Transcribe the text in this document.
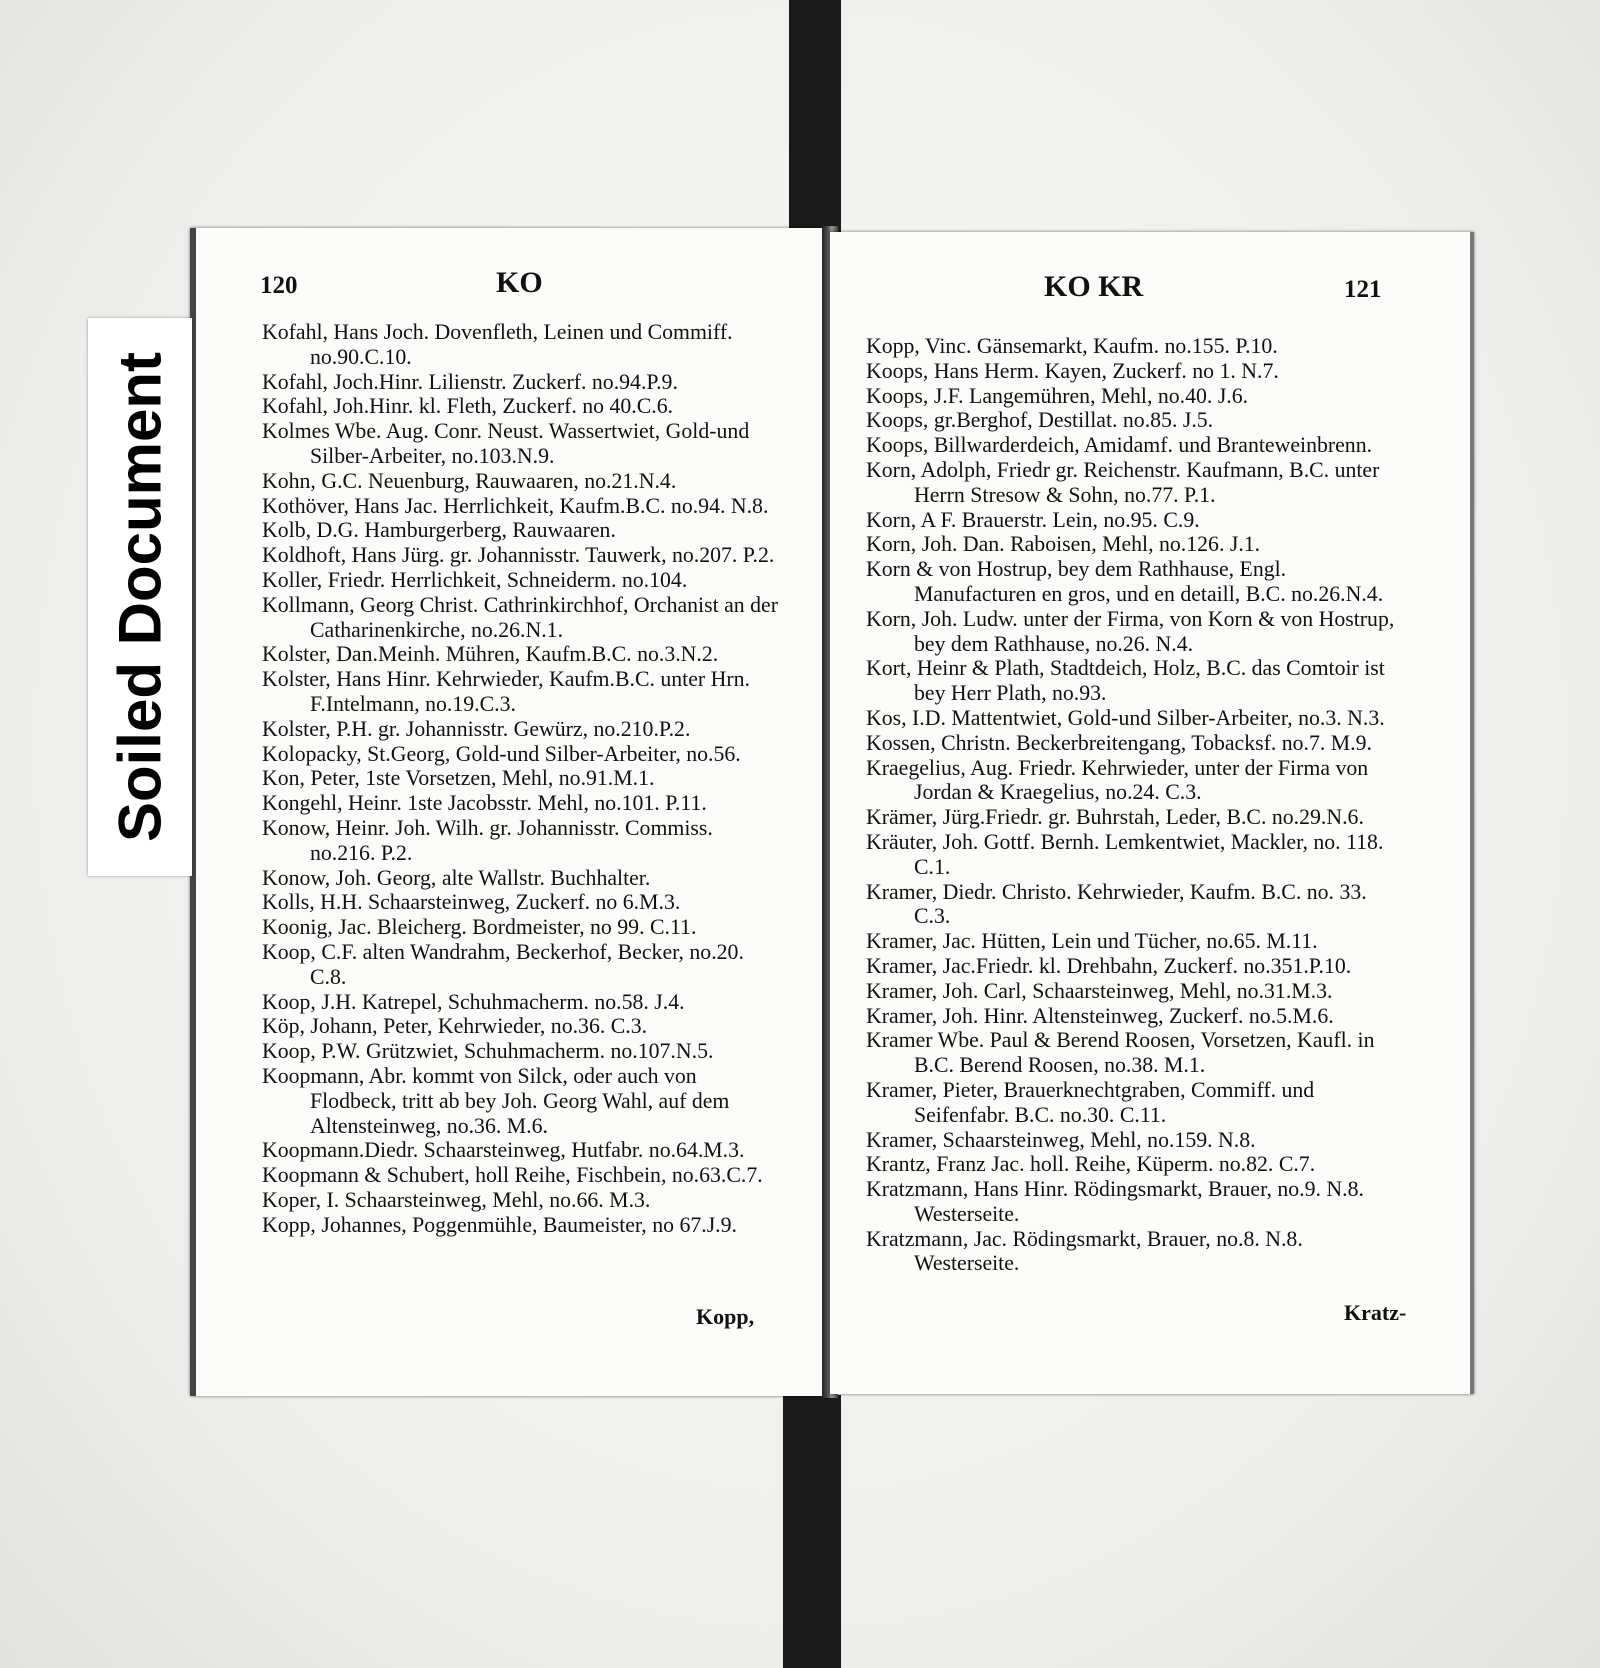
120	KO

Kofahl, Hans Joch. Dovenfleth, Leinen und Commiff. no.90.C.10.

Kofahl, Joch.Hinr. Lilienstr. Zuckerf. no.94.P.9.

Kofahl, Joh.Hinr. kl. Fleth, Zuckerf. no 40.C.6.

Kolmes Wbe. Aug. Conr. Neust. Wassertwiet, Gold-und Silber-Arbeiter, no.103.N.9.

Kohn, G.C. Neuenburg, Rauwaaren, no.21.N.4.

Kothöver, Hans Jac. Herrlichkeit, Kaufm.B.C. no.94. N.8.

Kolb, D.G. Hamburgerberg, Rauwaaren.

Koldhoft, Hans Jürg. gr. Johannisstr. Tauwerk, no.207. P.2.

Koller, Friedr. Herrlichkeit, Schneiderm. no.104.

Kollmann, Georg Christ. Cathrinkirchhof, Orchanist an der Catharinenkirche, no.26.N.1.

Kolster, Dan.Meinh. Mühren, Kaufm.B.C. no.3.N.2.

Kolster, Hans Hinr. Kehrwieder, Kaufm.B.C. unter Hrn. F.Intelmann, no.19.C.3.

Kolster, P.H. gr. Johannisstr. Gewürz, no.210.P.2.

Kolopacky, St.Georg, Gold-und Silber-Arbeiter, no.56.

Kon, Peter, 1ste Vorsetzen, Mehl, no.91.M.1.

Kongehl, Heinr. 1ste Jacobsstr. Mehl, no.101. P.11.

Konow, Heinr. Joh. Wilh. gr. Johannisstr. Commiss. no.216. P.2.

Konow, Joh. Georg, alte Wallstr. Buchhalter.

Kolls, H.H. Schaarsteinweg, Zuckerf. no 6.M.3.

Koonig, Jac. Bleicherg. Bordmeister, no 99. C.11.

Koop, C.F. alten Wandrahm, Beckerhof, Becker, no.20. C.8.

Koop, J.H. Katrepel, Schuhmacherm. no.58. J.4.

Köp, Johann, Peter, Kehrwieder, no.36. C.3.

Koop, P.W. Grützwiet, Schuhmacherm. no.107.N.5.

Koopmann, Abr. kommt von Silck, oder auch von Flodbeck, tritt ab bey Joh. Georg Wahl, auf dem Altensteinweg, no.36. M.6.

Koopmann.Diedr. Schaarsteinweg, Hutfabr. no.64.M.3.

Koopmann & Schubert, holl Reihe, Fischbein, no.63.C.7.

Koper, I. Schaarsteinweg, Mehl, no.66. M.3.

Kopp, Johannes, Poggenmühle, Baumeister, no 67.J.9.

Kopp,
KO KR	121

Kopp, Vinc. Gänsemarkt, Kaufm. no.155. P.10.

Koops, Hans Herm. Kayen, Zuckerf. no 1. N.7.

Koops, J.F. Langemühren, Mehl, no.40. J.6.

Koops, gr.Berghof, Destillat. no.85. J.5.

Koops, Billwarderdeich, Amidamf. und Branteweinbrenn.

Korn, Adolph, Friedr gr. Reichenstr. Kaufmann, B.C. unter Herrn Stresow & Sohn, no.77. P.1.

Korn, A F. Brauerstr. Lein, no.95. C.9.

Korn, Joh. Dan. Raboisen, Mehl, no.126. J.1.

Korn & von Hostrup, bey dem Rathhause, Engl. Manufacturen en gros, und en detaill, B.C. no.26.N.4.

Korn, Joh. Ludw. unter der Firma, von Korn & von Hostrup, bey dem Rathhause, no.26. N.4.

Kort, Heinr & Plath, Stadtdeich, Holz, B.C. das Comtoir ist bey Herr Plath, no.93.

Kos, I.D. Mattentwiet, Gold-und Silber-Arbeiter, no.3. N.3.

Kossen, Christn. Beckerbreitengang, Tobacksf. no.7. M.9.

Kraegelius, Aug. Friedr. Kehrwieder, unter der Firma von Jordan & Kraegelius, no.24. C.3.

Krämer, Jürg.Friedr. gr. Buhrstah, Leder, B.C. no.29.N.6.

Kräuter, Joh. Gottf. Bernh. Lemkentwiet, Mackler, no. 118. C.1.

Kramer, Diedr. Christo. Kehrwieder, Kaufm. B.C. no. 33. C.3.

Kramer, Jac. Hütten, Lein und Tücher, no.65. M.11.

Kramer, Jac.Friedr. kl. Drehbahn, Zuckerf. no.351.P.10.

Kramer, Joh. Carl, Schaarsteinweg, Mehl, no.31.M.3.

Kramer, Joh. Hinr. Altensteinweg, Zuckerf. no.5.M.6.

Kramer Wbe. Paul & Berend Roosen, Vorsetzen, Kaufl. in B.C. Berend Roosen, no.38. M.1.

Kramer, Pieter, Brauerknechtgraben, Commiff. und Seifenfabr. B.C. no.30. C.11.

Kramer, Schaarsteinweg, Mehl, no.159. N.8.

Krantz, Franz Jac. holl. Reihe, Küperm. no.82. C.7.

Kratzmann, Hans Hinr. Rödingsmarkt, Brauer, no.9. N.8. Westerseite.

Kratzmann, Jac. Rödingsmarkt, Brauer, no.8. N.8. Westerseite.

Kratz-
Soiled Document
